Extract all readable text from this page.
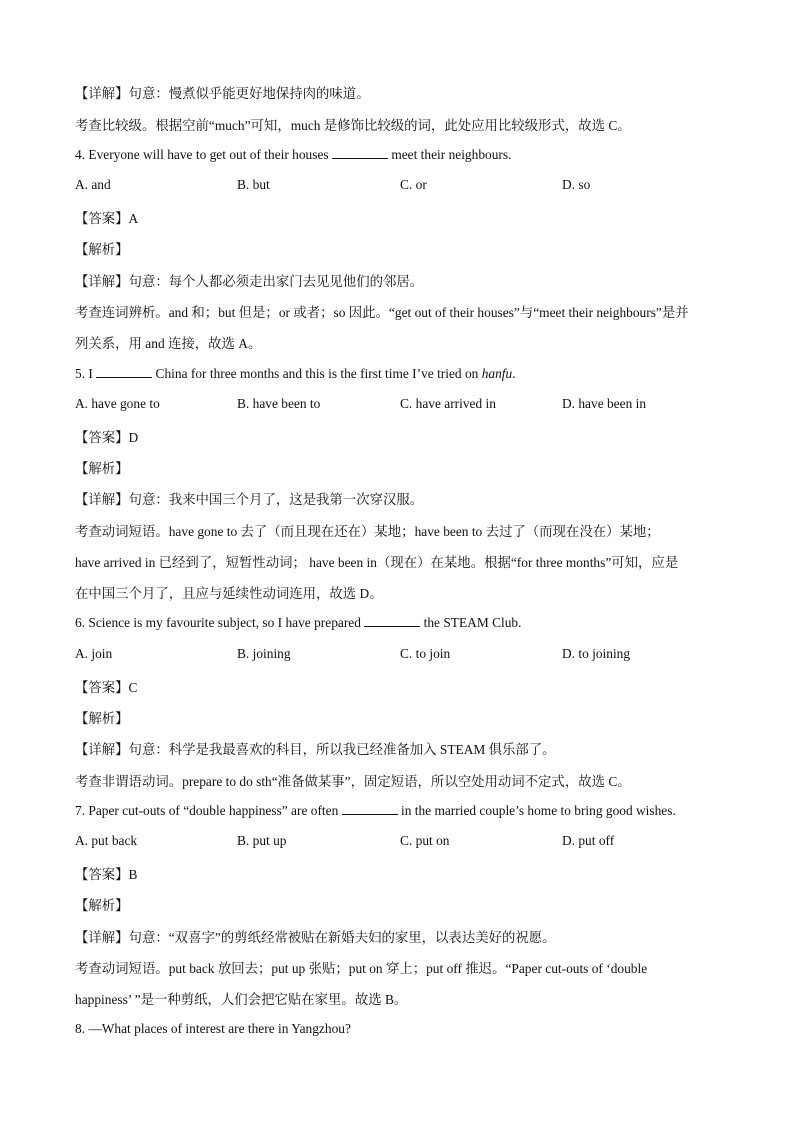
【详解】句意：慢煮似乎能更好地保持肉的味道。
考查比较级。根据空前“much”可知，much 是修饰比较级的词，此处应用比较级形式，故选 C。
4. Everyone will have to get out of their houses	meet their neighbours.
A. and	B. but	C. or	D. so
【答案】A
【解析】
【详解】句意：每个人都必须走出家门去见见他们的邻居。
考查连词辨析。and 和；but 但是；or 或者；so 因此。“get out of their houses”与“meet their neighbours”是并
列关系，用 and 连接，故选 A。
5. I	China for three months and this is the first time I’ve tried on hanfu.
A. have gone to	B. have been to	C. have arrived in	D. have been in
【答案】D
【解析】
【详解】句意：我来中国三个月了，这是我第一次穿汉服。
考查动词短语。have gone to 去了（而且现在还在）某地；have been to 去过了（而现在没在）某地；
have arrived in 已经到了，短暂性动词； have been in（现在）在某地。根据“for three months”可知，应是
在中国三个月了，且应与延续性动词连用，故选 D。
6. Science is my favourite subject, so I have prepared	the STEAM Club.
A. join	B. joining	C. to join	D. to joining
【答案】C
【解析】
【详解】句意：科学是我最喜欢的科目，所以我已经准备加入 STEAM 俱乐部了。
考查非谓语动词。prepare to do sth“准备做某事”，固定短语，所以空处用动词不定式，故选 C。
7. Paper cut-outs of “double happiness” are often	in the married couple’s home to bring good wishes.
A. put back	B. put up	C. put on	D. put off
【答案】B
【解析】
【详解】句意：“双喜字”的剪纸经常被贴在新婚夫妇的家里，以表达美好的祝愿。
考查动词短语。put back 放回去；put up 张贴；put on 穿上；put off 推迟。“Paper cut-outs of ‘double
happiness’ ”是一种剪纸，人们会把它贴在家里。故选 B。
8. —What places of interest are there in Yangzhou?
